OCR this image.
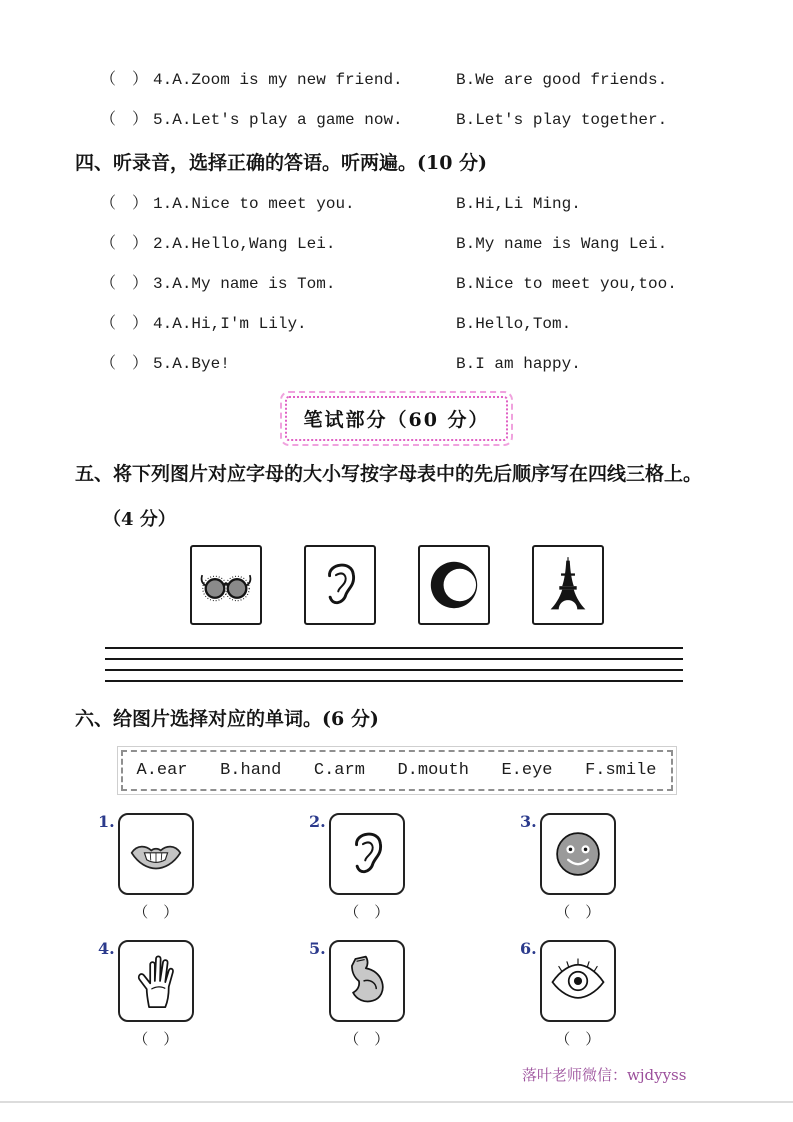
（　） 4. A.Zoom is my new friend.	B.We are good friends.
（　） 5. A.Let's play a game now.	B.Let's play together.
四、听录音，选择正确的答语。听两遍。(10 分)
（　） 1. A.Nice to meet you.	B.Hi,Li Ming.
（　） 2. A.Hello,Wang Lei.	B.My name is Wang Lei.
（　） 3. A.My name is Tom.	B.Nice to meet you,too.
（　） 4. A.Hi,I'm Lily.	B.Hello,Tom.
（　） 5. A.Bye!	B.I am happy.
笔试部分（60 分）
五、将下列图片对应字母的大小写按字母表中的先后顺序写在四线三格上。
（4 分）
六、给图片选择对应的单词。(6 分)
A.ear B.hand C.arm D.mouth E.eye F.smile
1.
（　）
2.
（　）
3.
（　）
4.
（　）
5.
（　）
6.
（　）
落叶老师微信：wjdyyss
